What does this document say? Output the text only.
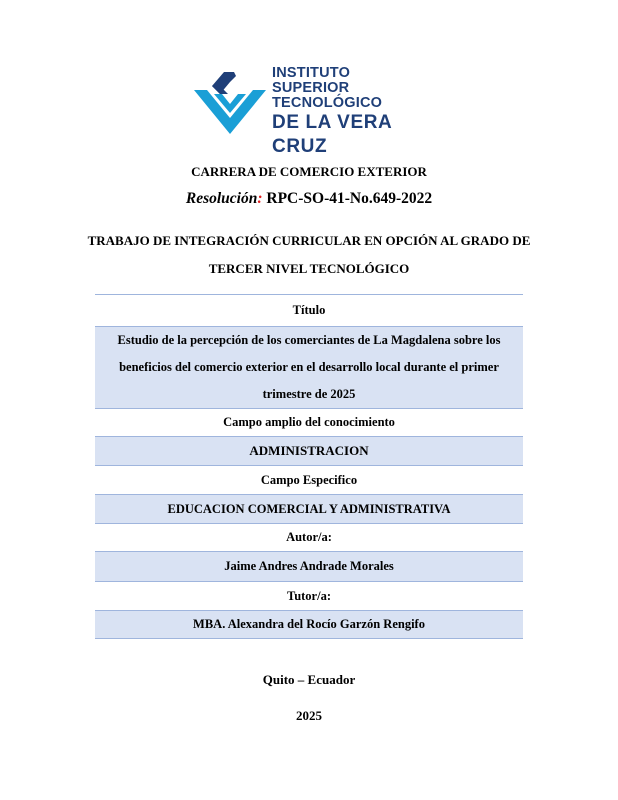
INSTITUTO
SUPERIOR
TECNOLÓGICO
DE LA VERA CRUZ
CARRERA DE COMERCIO EXTERIOR
Resolución: RPC-SO-41-No.649-2022
TRABAJO DE INTEGRACIÓN CURRICULAR EN OPCIÓN AL GRADO DE
TERCER NIVEL TECNOLÓGICO
Título
Estudio de la percepción de los comerciantes de La Magdalena sobre los beneficios del comercio exterior en el desarrollo local durante el primer trimestre de 2025
Campo amplio del conocimiento
ADMINISTRACION
Campo Especifico
EDUCACION COMERCIAL Y ADMINISTRATIVA
Autor/a:
Jaime Andres Andrade Morales
Tutor/a:
MBA. Alexandra del Rocío Garzón Rengifo
Quito – Ecuador
2025
